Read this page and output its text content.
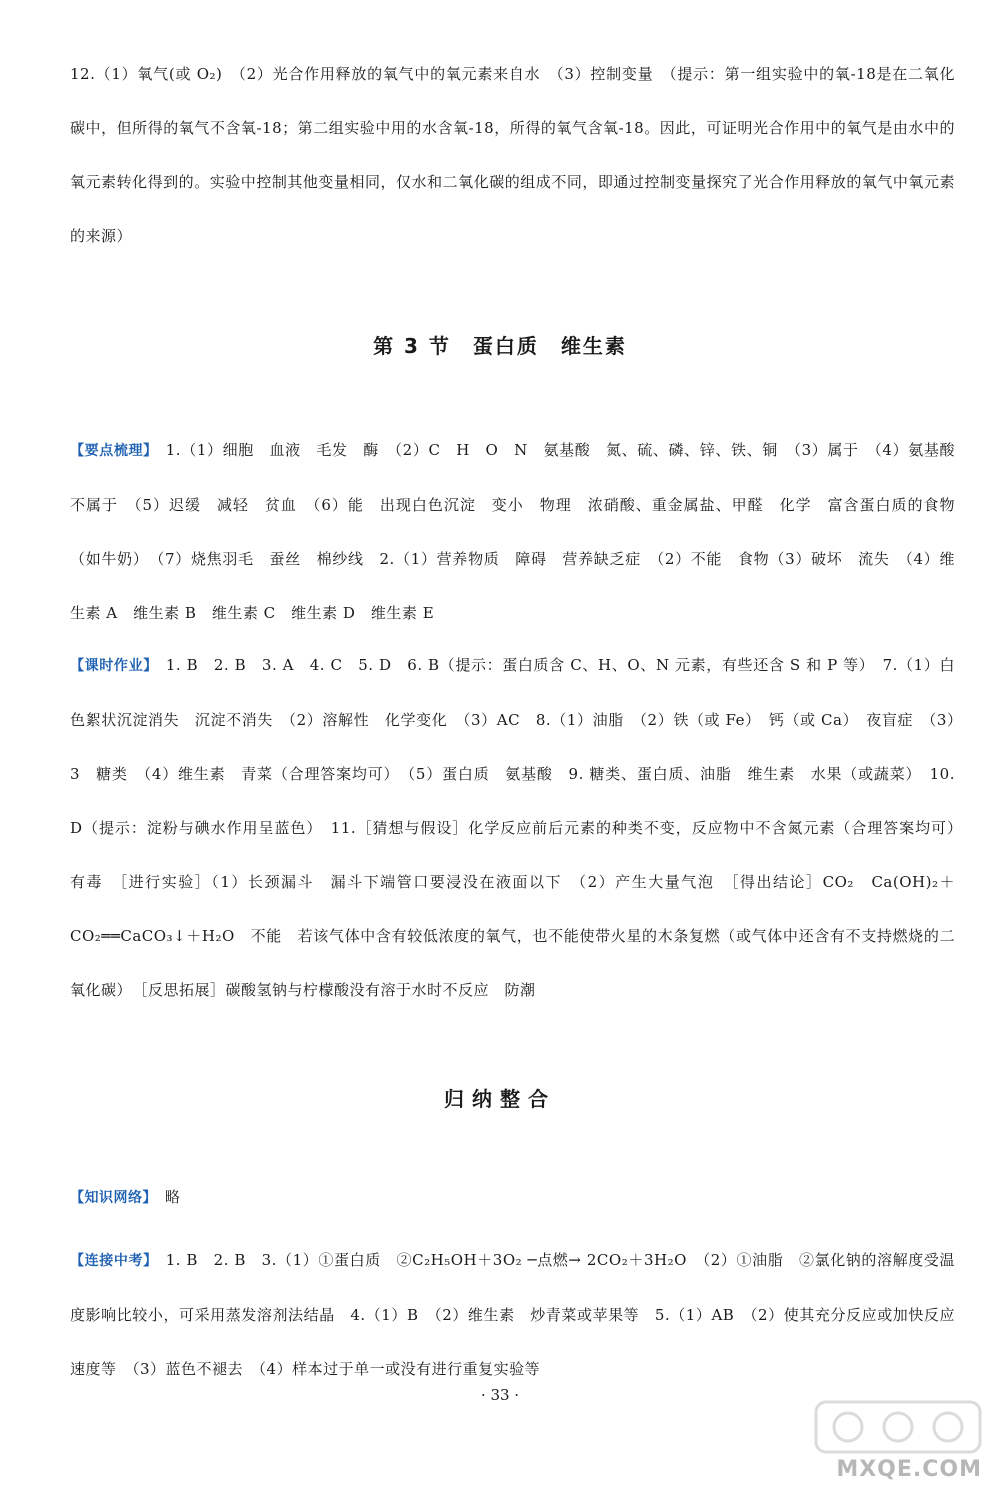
12.（1）氧气(或 O₂)　（2）光合作用释放的氧气中的氧元素来自水　（3）控制变量　（提示：第一组实验中的氧-18是在二氧化碳中，但所得的氧气不含氧-18；第二组实验中用的水含氧-18，所得的氧气含氧-18。因此，可证明光合作用中的氧气是由水中的氧元素转化得到的。实验中控制其他变量相同，仅水和二氧化碳的组成不同，即通过控制变量探究了光合作用释放的氧气中氧元素的来源）
第 3 节　蛋白质　维生素
【要点梳理】 1.（1）细胞　血液　毛发　酶　（2）C　H　O　N　氨基酸　氮、硫、磷、锌、铁、铜　（3）属于　（4）氨基酸　不属于　（5）迟缓　减轻　贫血　（6）能　出现白色沉淀　变小　物理　浓硝酸、重金属盐、甲醛　化学　富含蛋白质的食物（如牛奶）　（7）烧焦羽毛　蚕丝　棉纱线　2.（1）营养物质　障碍　营养缺乏症　（2）不能　食物（3）破坏　流失　（4）维生素 A　维生素 B　维生素 C　维生素 D　维生素 E
【课时作业】 1. B　2. B　3. A　4. C　5. D　6. B（提示：蛋白质含 C、H、O、N 元素，有些还含 S 和 P 等）　7.（1）白色絮状沉淀消失　沉淀不消失　（2）溶解性　化学变化　（3）AC　8.（1）油脂　（2）铁（或 Fe）　钙（或 Ca）　夜盲症　（3）3　糖类　（4）维生素　青菜（合理答案均可）　（5）蛋白质　氨基酸　9. 糖类、蛋白质、油脂　维生素　水果（或蔬菜）　10. D（提示：淀粉与碘水作用呈蓝色）　11.［猜想与假设］化学反应前后元素的种类不变，反应物中不含氮元素（合理答案均可）　有毒　［进行实验］（1）长颈漏斗　漏斗下端管口要浸没在液面以下　（2）产生大量气泡　［得出结论］CO₂　Ca(OH)₂＋CO₂══CaCO₃↓＋H₂O　不能　若该气体中含有较低浓度的氧气，也不能使带火星的木条复燃（或气体中还含有不支持燃烧的二氧化碳）　［反思拓展］碳酸氢钠与柠檬酸没有溶于水时不反应　防潮
归纳整合
【知识网络】 略
【连接中考】 1. B　2. B　3.（1）①蛋白质　②C₂H₅OH＋3O₂ ─点燃→ 2CO₂＋3H₂O　（2）①油脂　②氯化钠的溶解度受温度影响比较小，可采用蒸发溶剂法结晶　4.（1）B　（2）维生素　炒青菜或苹果等　5.（1）AB　（2）使其充分反应或加快反应速度等　（3）蓝色不褪去　（4）样本过于单一或没有进行重复实验等
· 33 ·
MXQE.COM
